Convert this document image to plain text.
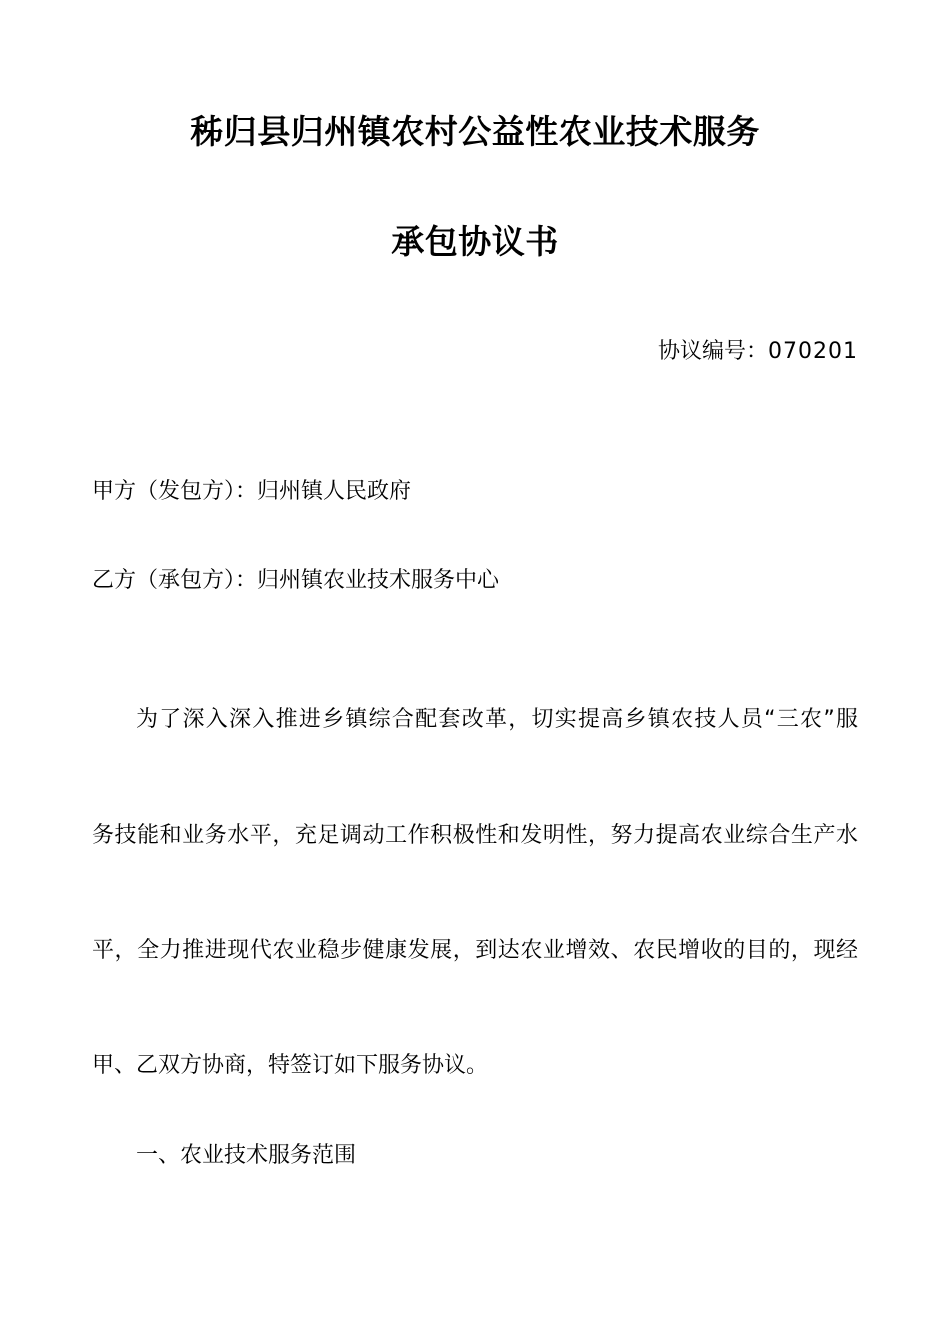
秭归县归州镇农村公益性农业技术服务
承包协议书
协议编号：070201
甲方（发包方）：归州镇人民政府
乙方（承包方）：归州镇农业技术服务中心
为了深入深入推进乡镇综合配套改革，切实提高乡镇农技人员“三农”服
务技能和业务水平，充足调动工作积极性和发明性，努力提高农业综合生产水
平，全力推进现代农业稳步健康发展，到达农业增效、农民增收的目的，现经
甲、乙双方协商，特签订如下服务协议。
一、农业技术服务范围
